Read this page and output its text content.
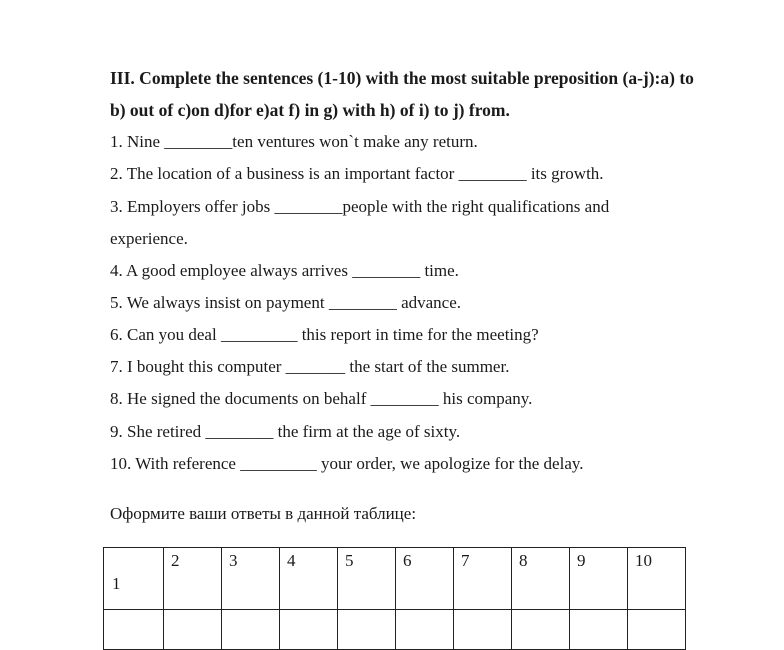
III. Complete the sentences (1-10) with the most suitable preposition (a-j):a) to
b) out of c)on d)for e)at f) in g) with h) of i) to j) from.
1. Nine ________ten ventures won`t make any return.
2. The location of a business is an important factor ________ its growth.
3. Employers offer jobs ________people with the right qualifications and
experience.
4. A good employee always arrives ________ time.
5. We always insist on payment ________ advance.
6. Can you deal _________ this report in time for the meeting?
7. I bought this computer _______ the start of the summer.
8. He signed the documents on behalf ________ his company.
9. She retired ________ the firm at the age of sixty.
10. With reference _________ your order, we apologize for the delay.
Оформите ваши ответы в данной таблице:
1	2	3	4	5	6	7	8	9	10
